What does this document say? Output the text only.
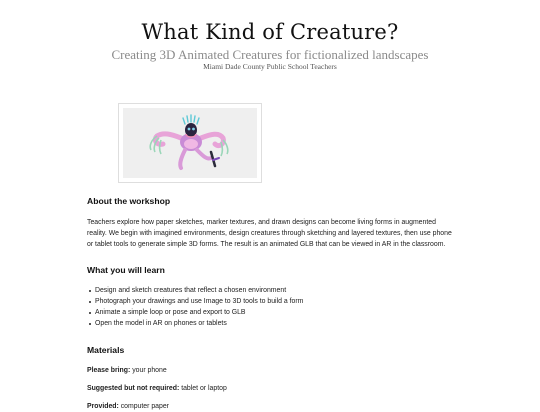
What Kind of Creature?
Creating 3D Animated Creatures for fictionalized landscapes
Miami Dade County Public School Teachers
About the workshop

Teachers explore how paper sketches, marker textures, and drawn designs can become living forms in augmented reality. We begin with imagined environments, design creatures through sketching and layered textures, then use phone or tablet tools to generate simple 3D forms. The result is an animated GLB that can be viewed in AR in the classroom.

What you will learn
Design and sketch creatures that reflect a chosen environment
Photograph your drawings and use Image to 3D tools to build a form
Animate a simple loop or pose and export to GLB
Open the model in AR on phones or tablets
Materials
Please bring: your phone
Suggested but not required: tablet or laptop
Provided: computer paper
